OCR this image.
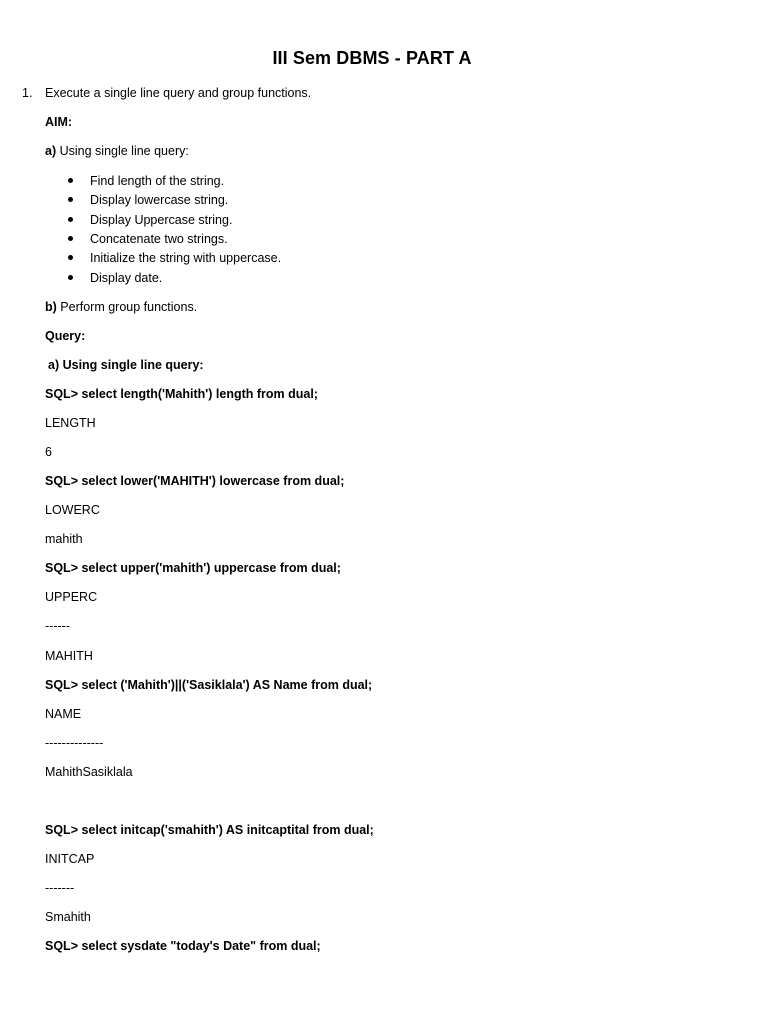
III Sem DBMS - PART A
1. Execute a single line query and group functions.
AIM:
a) Using single line query:
Find length of the string.
Display lowercase string.
Display Uppercase string.
Concatenate two strings.
Initialize the string with uppercase.
Display date.
b) Perform group functions.
Query:
a) Using single line query:
SQL> select length('Mahith') length from dual;
LENGTH
6
SQL> select lower('MAHITH') lowercase from dual;
LOWERC
mahith
SQL> select upper('mahith') uppercase from dual;
UPPERC
------
MAHITH
SQL> select ('Mahith')||('Sasiklala') AS Name from dual;
NAME
--------------
MahithSasiklala
SQL> select initcap('smahith') AS initcaptital from dual;
INITCAP
-------
Smahith
SQL> select sysdate "today's Date" from dual;
